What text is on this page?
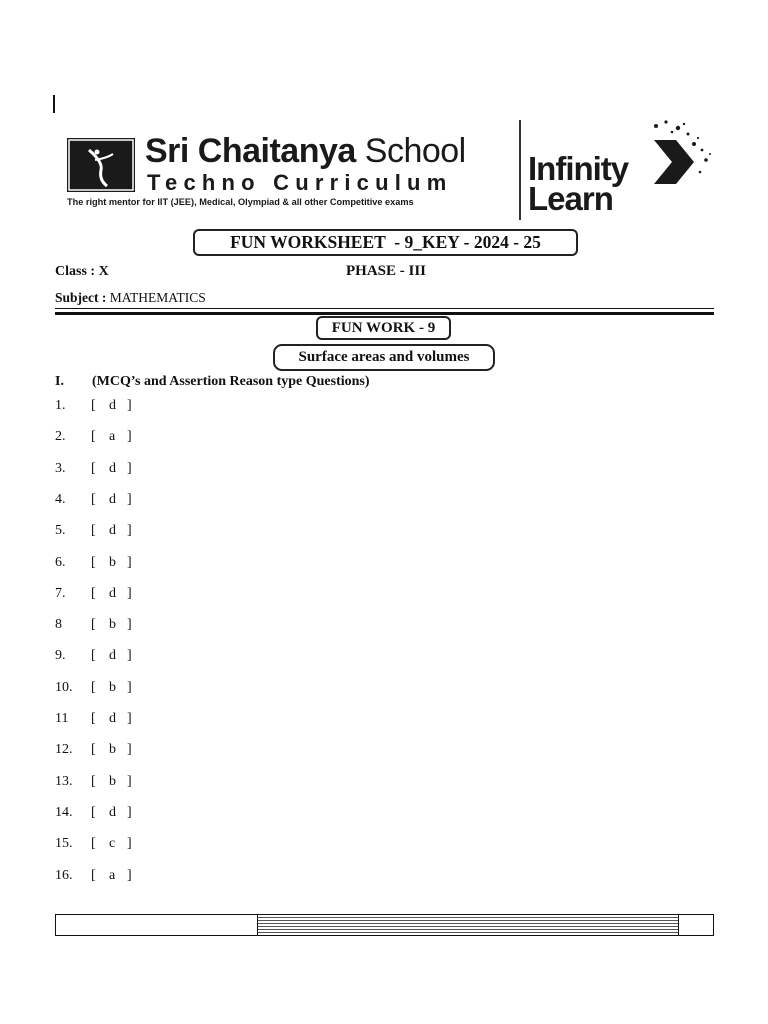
Sri Chaitanya School
Techno Curriculum
The right mentor for IIT (JEE), Medical, Olympiad & all other Competitive exams
Infinity
Learn
FUN WORKSHEET  - 9_KEY - 2024 - 25
Class : X	PHASE - III
Subject : MATHEMATICS
FUN WORK - 9
Surface areas and volumes
I. (MCQ’s and Assertion Reason type Questions)
1. [ d ]
2. [ a ]
3. [ d ]
4. [ d ]
5. [ d ]
6. [ b ]
7. [ d ]
8 [ b ]
9. [ d ]
10. [ b ]
11 [ d ]
12. [ b ]
13. [ b ]
14. [ d ]
15. [ c ]
16. [ a ]
